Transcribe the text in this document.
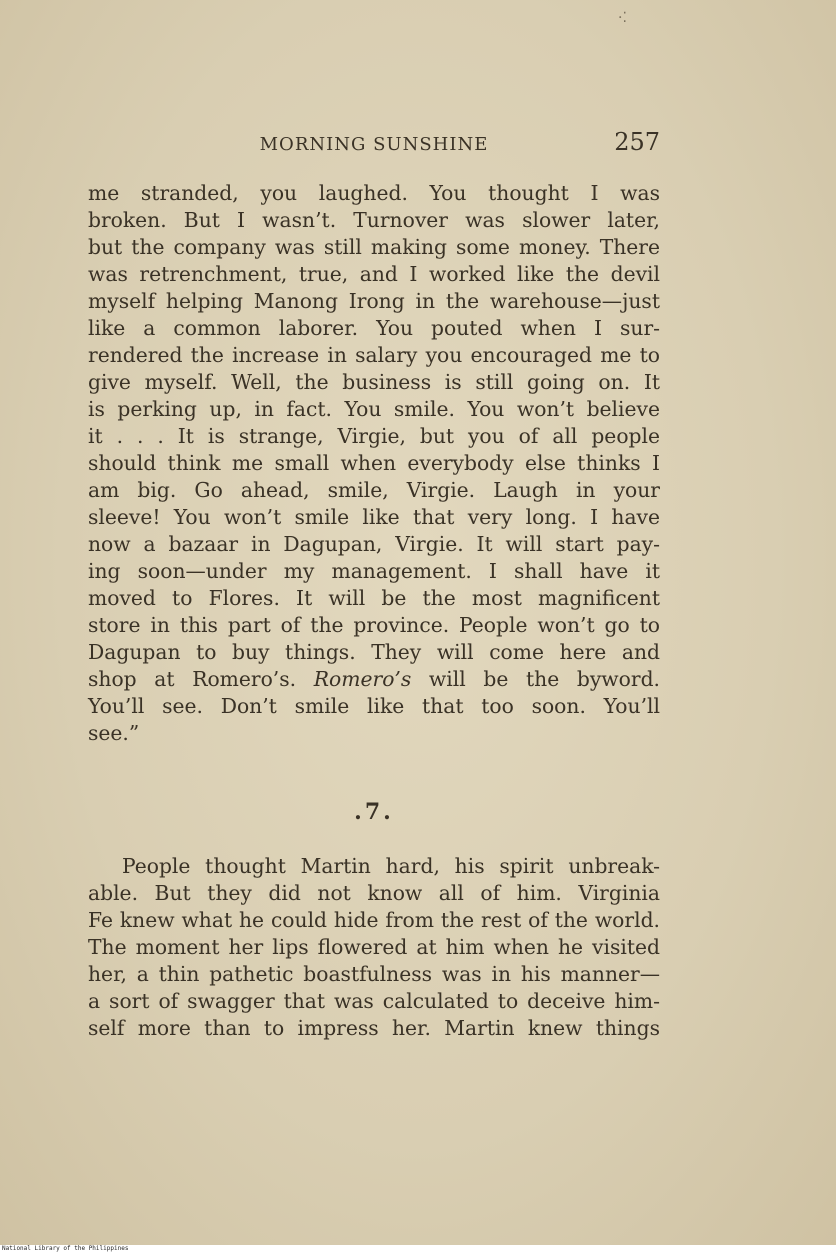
·⁚
MORNING SUNSHINE	257
me stranded, you laughed. You thought I was
broken. But I wasn’t. Turnover was slower later,
but the company was still making some money. There
was retrenchment, true, and I worked like the devil
myself helping Manong Irong in the warehouse—just
like a common laborer. You pouted when I sur-
rendered the increase in salary you encouraged me to
give myself. Well, the business is still going on. It
is perking up, in fact. You smile. You won’t believe
it . . . It is strange, Virgie, but you of all people
should think me small when everybody else thinks I
am big. Go ahead, smile, Virgie. Laugh in your
sleeve! You won’t smile like that very long. I have
now a bazaar in Dagupan, Virgie. It will start pay-
ing soon—under my management. I shall have it
moved to Flores. It will be the most magnificent
store in this part of the province. People won’t go to
Dagupan to buy things. They will come here and
shop at Romero’s. Romero’s will be the byword.
You’ll see. Don’t smile like that too soon. You’ll
see.”
.7.
People thought Martin hard, his spirit unbreak-
able. But they did not know all of him. Virginia
Fe knew what he could hide from the rest of the world.
The moment her lips flowered at him when he visited
her, a thin pathetic boastfulness was in his manner—
a sort of swagger that was calculated to deceive him-
self more than to impress her. Martin knew things
National Library of the Philippines
